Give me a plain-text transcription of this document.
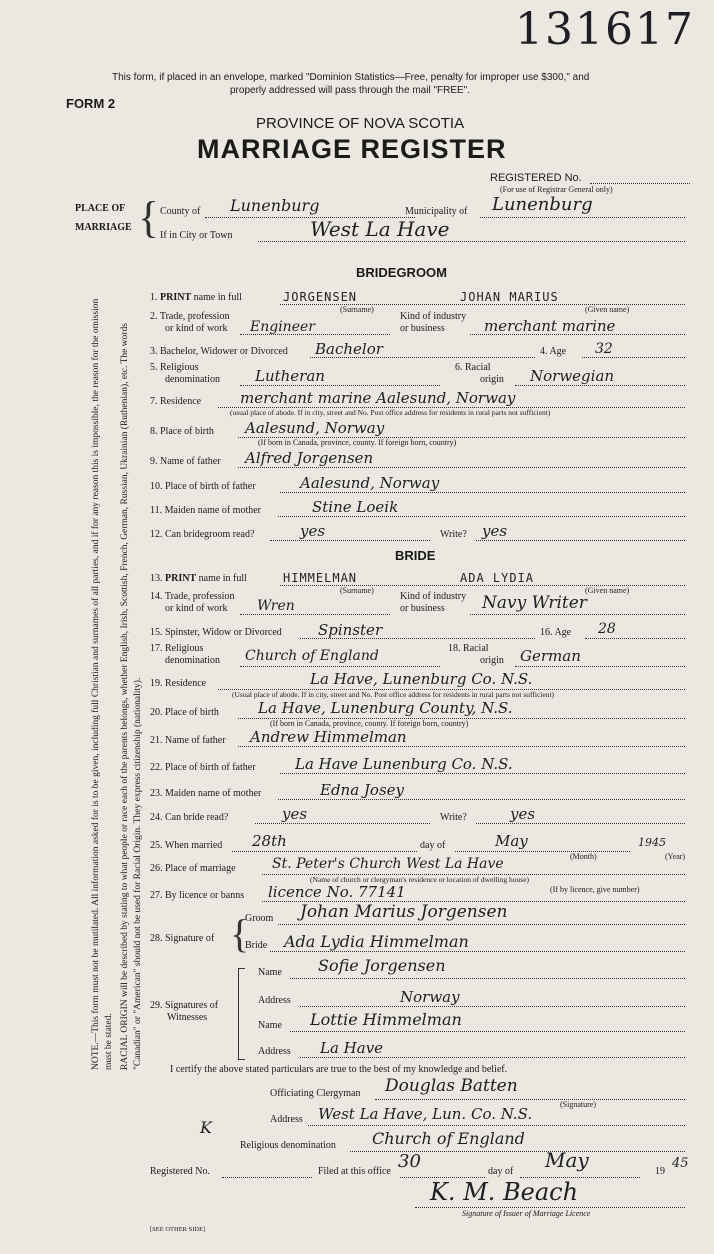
131617
This form, if placed in an envelope, marked "Dominion Statistics—Free, penalty for improper use $300," and
properly addressed will pass through the mail "FREE".
FORM 2
PROVINCE OF NOVA SCOTIA
MARRIAGE REGISTER
REGISTERED No.
(For use of Registrar General only)
PLACE OF
MARRIAGE { County of Lunenburg	Municipality of Lunenburg
If in City or Town	West La Have
BRIDEGROOM
1. PRINT name in full	JORGENSEN	JOHAN MARIUS
(Surname)	(Given name)
2. Trade, profession
or kind of work Engineer
Kind of industry
or business	merchant marine
3. Bachelor, Widower or Divorced Bachelor	4. Age 32
5. Religious
denomination Lutheran	6. Racial
origin Norwegian
7. Residence	merchant marine Aalesund, Norway
(usual place of abode. If in city, street and No. Post office address for residents in rural parts not sufficient)
8. Place of birth Aalesund, Norway
(If born in Canada, province, county. If foreign born, country)
9. Name of father Alfred Jorgensen
10. Place of birth of father	Aalesund, Norway
11. Maiden name of mother	Stine Loeik
12. Can bridegroom read?	yes	Write? yes
BRIDE
13. PRINT name in full	HIMMELMAN	ADA LYDIA
(Surname)	(Given name)
14. Trade, profession
or kind of work Wren
Kind of industry
or business Navy Writer
15. Spinster, Widow or Divorced Spinster	16. Age 28
17. Religious
denomination Church of England	18. Racial
origin German
19. Residence	La Have, Lunenburg Co. N.S.
(Usual place of abode. If in city, street and No. Post office address for residents in rural parts not sufficient)
20. Place of birth	La Have, Lunenburg County, N.S.
(If born in Canada, province, county. If foreign born, country)
21. Name of father Andrew Himmelman
22. Place of birth of father	La Have Lunenburg Co. N.S.
23. Maiden name of mother	Edna Josey
24. Can bride read?	yes	Write?	yes
25. When married 28th	day of	May
(Month)
1945
(Year)
26. Place of marriage	St. Peter's Church West La Have
(Name of church or clergyman's residence or location of dwelling house)
27. By licence or banns licence No. 77141	(If by licence, give number)
28. Signature of {
Groom Johan Marius Jorgensen
Bride Ada Lydia Himmelman
29. Signatures of
Witnesses
Name Sofie Jorgensen
Address	Norway
Name Lottie Himmelman
Address La Have
I certify the above stated particulars are true to the best of my knowledge and belief.
Officiating Clergyman Douglas Batten
(Signature)
K	Address West La Have, Lun. Co. N.S.
Religious denomination Church of England
Registered No.	Filed at this office 30	day of May	19
45
K. M. Beach
Signature of Issuer of Marriage Licence
[SEE OTHER SIDE]
NOTE.—This form must not be mutilated. All information asked for is to be given, including full Christian and surnames of all parties, and if for any reason this is impossible, the reason for the omission must be stated. RACIAL ORIGIN will be described by stating to what people or race each of the parents belongs, whether English, Irish, Scottish, French, German, Russian, Ukrainian (Ruthenian), etc. The words "Canadian" or "American" should not be used for Racial Origin. They express citizenship (nationality).
